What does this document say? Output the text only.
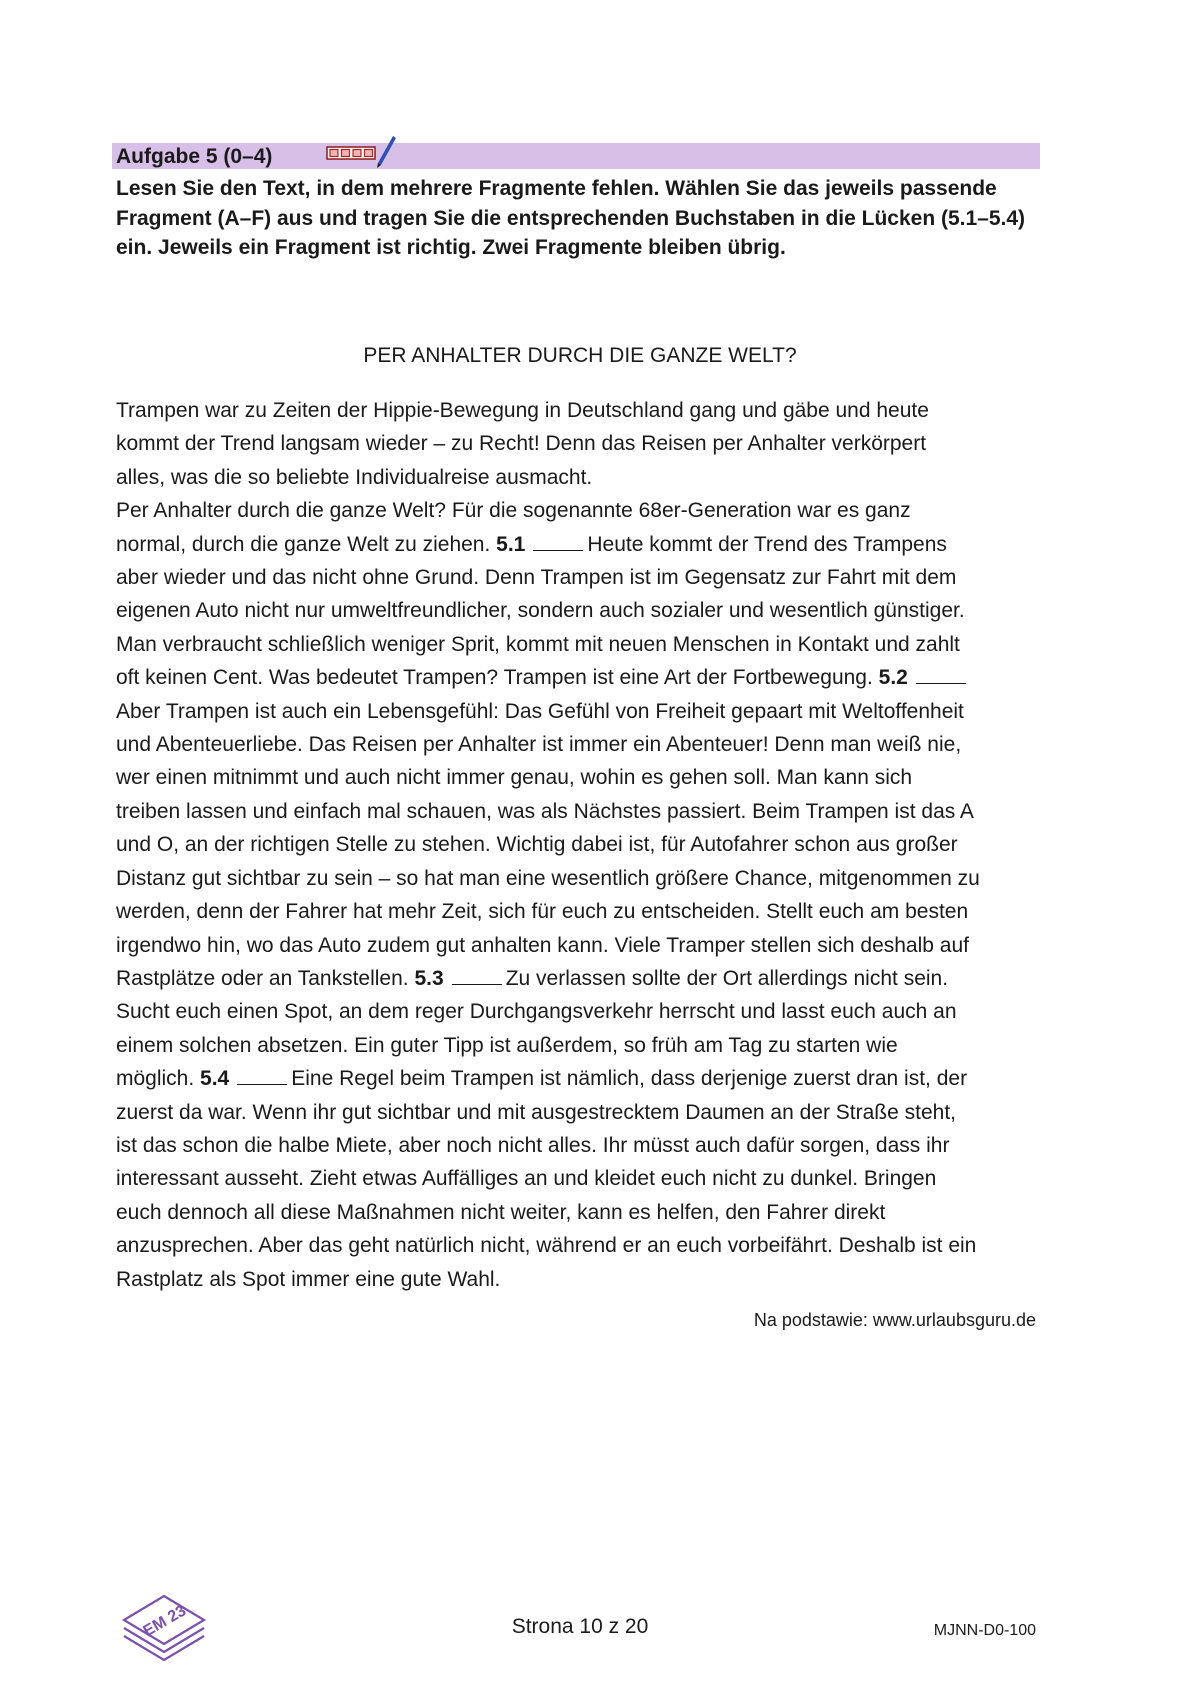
Aufgabe 5 (0–4)
Lesen Sie den Text, in dem mehrere Fragmente fehlen. Wählen Sie das jeweils passende Fragment (A–F) aus und tragen Sie die entsprechenden Buchstaben in die Lücken (5.1–5.4) ein. Jeweils ein Fragment ist richtig. Zwei Fragmente bleiben übrig.
PER ANHALTER DURCH DIE GANZE WELT?
Trampen war zu Zeiten der Hippie-Bewegung in Deutschland gang und gäbe und heute
kommt der Trend langsam wieder – zu Recht! Denn das Reisen per Anhalter verkörpert
alles, was die so beliebte Individualreise ausmacht.
Per Anhalter durch die ganze Welt? Für die sogenannte 68er-Generation war es ganz
normal, durch die ganze Welt zu ziehen. 5.1	Heute kommt der Trend des Trampens
aber wieder und das nicht ohne Grund. Denn Trampen ist im Gegensatz zur Fahrt mit dem
eigenen Auto nicht nur umweltfreundlicher, sondern auch sozialer und wesentlich günstiger.
Man verbraucht schließlich weniger Sprit, kommt mit neuen Menschen in Kontakt und zahlt
oft keinen Cent. Was bedeutet Trampen? Trampen ist eine Art der Fortbewegung. 5.2
Aber Trampen ist auch ein Lebensgefühl: Das Gefühl von Freiheit gepaart mit Weltoffenheit
und Abenteuerliebe. Das Reisen per Anhalter ist immer ein Abenteuer! Denn man weiß nie,
wer einen mitnimmt und auch nicht immer genau, wohin es gehen soll. Man kann sich
treiben lassen und einfach mal schauen, was als Nächstes passiert. Beim Trampen ist das A
und O, an der richtigen Stelle zu stehen. Wichtig dabei ist, für Autofahrer schon aus großer
Distanz gut sichtbar zu sein – so hat man eine wesentlich größere Chance, mitgenommen zu
werden, denn der Fahrer hat mehr Zeit, sich für euch zu entscheiden. Stellt euch am besten
irgendwo hin, wo das Auto zudem gut anhalten kann. Viele Tramper stellen sich deshalb auf
Rastplätze oder an Tankstellen. 5.3	Zu verlassen sollte der Ort allerdings nicht sein.
Sucht euch einen Spot, an dem reger Durchgangsverkehr herrscht und lasst euch auch an
einem solchen absetzen. Ein guter Tipp ist außerdem, so früh am Tag zu starten wie
möglich. 5.4	Eine Regel beim Trampen ist nämlich, dass derjenige zuerst dran ist, der
zuerst da war. Wenn ihr gut sichtbar und mit ausgestrecktem Daumen an der Straße steht,
ist das schon die halbe Miete, aber noch nicht alles. Ihr müsst auch dafür sorgen, dass ihr
interessant ausseht. Zieht etwas Auffälliges an und kleidet euch nicht zu dunkel. Bringen
euch dennoch all diese Maßnahmen nicht weiter, kann es helfen, den Fahrer direkt
anzusprechen. Aber das geht natürlich nicht, während er an euch vorbeifährt. Deshalb ist ein
Rastplatz als Spot immer eine gute Wahl.
Na podstawie: www.urlaubsguru.de
EM 23	Strona 10 z 20	MJNN-D0-100
